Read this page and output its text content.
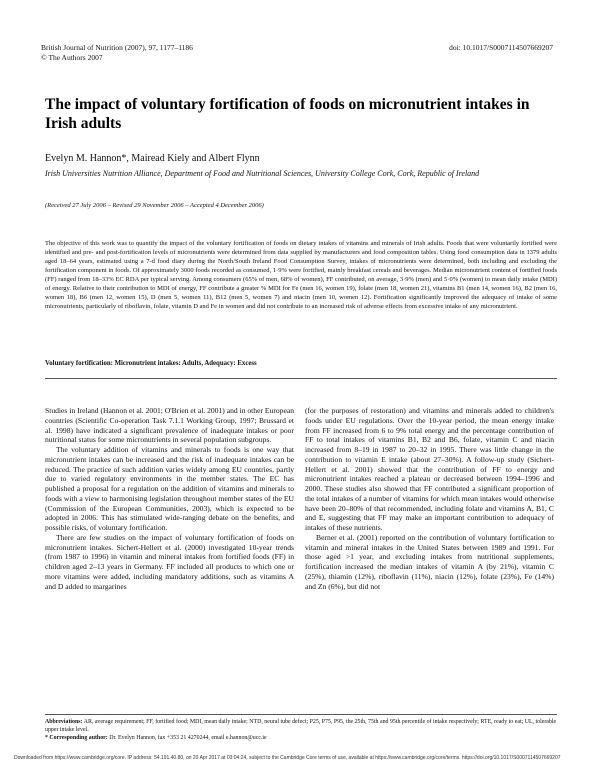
British Journal of Nutrition (2007), 97, 1177–1186
© The Authors 2007
doi: 10.1017/S0007114507669207
The impact of voluntary fortification of foods on micronutrient intakes in Irish adults
Evelyn M. Hannon*, Mairead Kiely and Albert Flynn
Irish Universities Nutrition Alliance, Department of Food and Nutritional Sciences, University College Cork, Cork, Republic of Ireland
(Received 27 July 2006 – Revised 29 November 2006 – Accepted 4 December 2006)
The objective of this work was to quantify the impact of the voluntary fortification of foods on dietary intakes of vitamins and minerals of Irish adults. Foods that were voluntarily fortified were identified and pre- and post-fortification levels of micronutrients were determined from data supplied by manufacturers and food composition tables. Using food consumption data in 1379 adults aged 18–64 years, estimated using a 7-d food diary during the North/South Ireland Food Consumption Survey, intakes of micronutrients were determined, both including and excluding the fortification component in foods. Of approximately 3000 foods recorded as consumed, 1·9% were fortified, mainly breakfast cereals and beverages. Median micronutrient content of fortified foods (FF) ranged from 18–33% EC RDA per typical serving. Among consumers (65% of men, 68% of women), FF contributed, on average, 3·9% (men) and 5·0% (women) to mean daily intake (MDI) of energy. Relative to their contribution to MDI of energy, FF contribute a greater % MDI for Fe (men 16, women 19), folate (men 18, women 21), vitamins B1 (men 14, women 16), B2 (men 16, women 18), B6 (men 12, women 15), D (men 5, women 11), B12 (men 5, women 7) and niacin (men 10, women 12). Fortification significantly improved the adequacy of intake of some micronutrients, particularly of riboflavin, folate, vitamin D and Fe in women and did not contribute to an increased risk of adverse effects from excessive intake of any micronutrient.
Voluntary fortification: Micronutrient intakes: Adults, Adequacy: Excess

Studies in Ireland (Hannon et al. 2001; O'Brien et al. 2001) and in other European countries (Scientific Co-operation Task 7.1.1 Working Group, 1997; Brussard et al. 1998) have indicated a significant prevalence of inadequate intakes or poor nutritional status for some micronutrients in several population subgroups.

The voluntary addition of vitamins and minerals to foods is one way that micronutrient intakes can be increased and the risk of inadequate intakes can be reduced. The practice of such addition varies widely among EU countries, partly due to varied regulatory environments in the member states. The EC has published a proposal for a regulation on the addition of vitamins and minerals to foods with a view to harmonising legislation throughout member states of the EU (Commission of the European Communities, 2003), which is expected to be adopted in 2006. This has stimulated wide-ranging debate on the benefits, and possible risks, of voluntary fortification.

There are few studies on the impact of voluntary fortification of foods on micronutrient intakes. Sichert-Hellert et al. (2000) investigated 10-year trends (from 1987 to 1996) in vitamin and mineral intakes from fortified foods (FF) in children aged 2–13 years in Germany. FF included all products to which one or more vitamins were added, including mandatory additions, such as vitamins A and D added to margarines

(for the purposes of restoration) and vitamins and minerals added to children's foods under EU regulations. Over the 10-year period, the mean energy intake from FF increased from 6 to 9% total energy and the percentage contribution of FF to total intakes of vitamins B1, B2 and B6, folate, vitamin C and niacin increased from 8–19 in 1987 to 20–32 in 1995. There was little change in the contribution to vitamin E intake (about 27–30%). A follow-up study (Sichert-Hellert et al. 2001) showed that the contribution of FF to energy and micronutrient intakes reached a plateau or decreased between 1994–1996 and 2000. These studies also showed that FF contributed a significant proportion of the total intakes of a number of vitamins for which mean intakes would otherwise have been 20–80% of that recommended, including folate and vitamins A, B1, C and E, suggesting that FF may make an important contribution to adequacy of intakes of these nutrients.

Berner et al. (2001) reported on the contribution of voluntary fortification to vitamin and mineral intakes in the United States between 1989 and 1991. For those aged >1 year, and excluding intakes from nutritional supplements, fortification increased the median intakes of vitamin A (by 21%), vitamin C (25%), thiamin (12%), riboflavin (11%), niacin (12%), folate (23%), Fe (14%) and Zn (6%), but did not

Abbreviations: AR, average requirement; FF, fortified food; MDI, mean daily intake; NTD, neural tube defect; P25, P75, P95, the 25th, 75th and 95th percentile of intake respectively; RTE, ready to eat; UL, tolerable upper intake level.
* Corresponding author: Dr. Evelyn Hannon, fax +353 21 4270244, email e.hannon@ucc.ie
Downloaded from https://www.cambridge.org/core. IP address: 54.191.40.80, on 20 Apr 2017 at 03:04:24, subject to the Cambridge Core terms of use, available at https://www.cambridge.org/core/terms. https://doi.org/10.1017/S0007114507669207
